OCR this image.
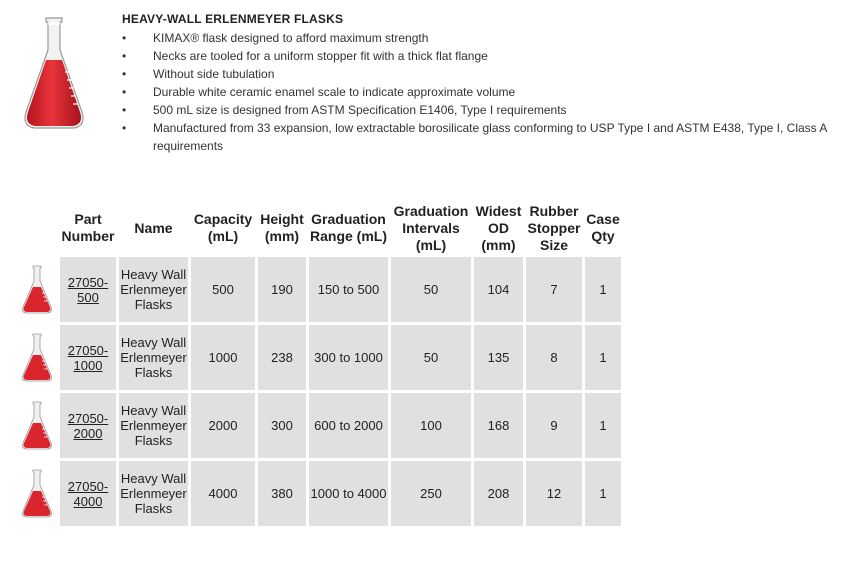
HEAVY-WALL ERLENMEYER FLASKS
•	KIMAX® flask designed to afford maximum strength
•	Necks are tooled for a uniform stopper fit with a thick flat flange
•	Without side tubulation
•	Durable white ceramic enamel scale to indicate approximate volume
•	500 mL size is designed from ASTM Specification E1406, Type I requirements
•	Manufactured from 33 expansion, low extractable borosilicate glass conforming to USP Type I and ASTM E438, Type I, Class A requirements
	Part Number	Name	Capacity (mL)	Height (mm)	Graduation Range (mL)	Graduation Intervals (mL)	Widest OD (mm)	Rubber Stopper Size	Case Qty

	27050-500	Heavy Wall Erlenmeyer Flasks	500	190	150 to 500	50	104	7	1

	27050-1000	Heavy Wall Erlenmeyer Flasks	1000	238	300 to 1000	50	135	8	1

	27050-2000	Heavy Wall Erlenmeyer Flasks	2000	300	600 to 2000	100	168	9	1

	27050-4000	Heavy Wall Erlenmeyer Flasks	4000	380	1000 to 4000	250	208	12	1
